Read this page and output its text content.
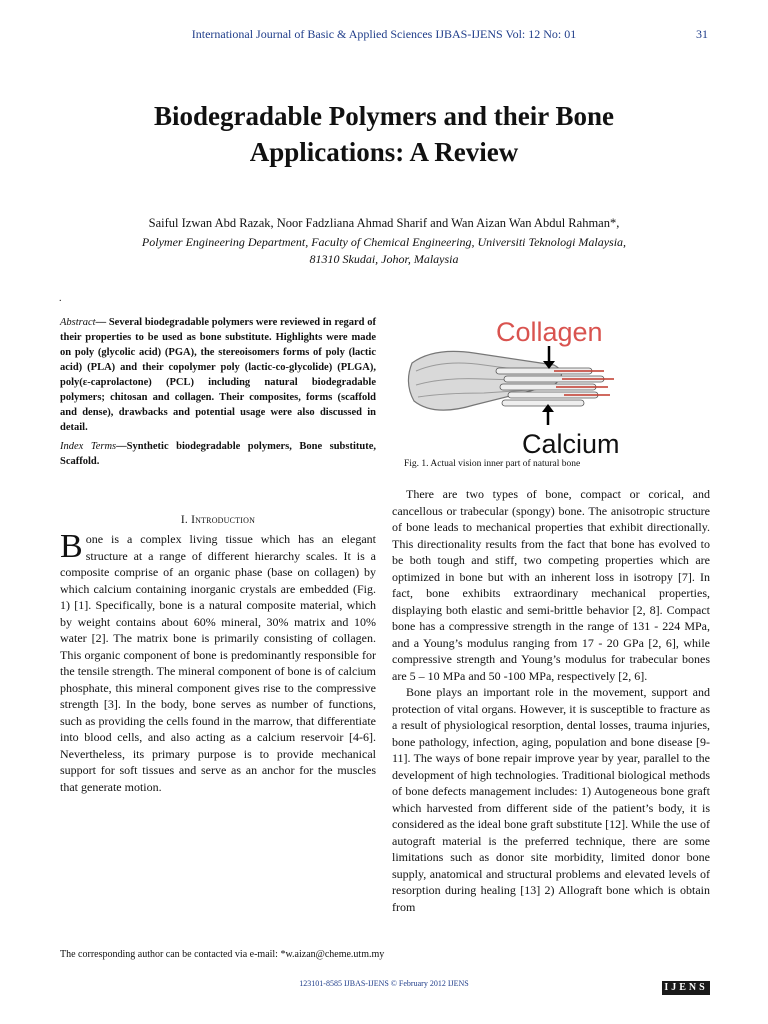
International Journal of Basic & Applied Sciences IJBAS-IJENS Vol: 12 No: 01	31
Biodegradable Polymers and their Bone
Applications: A Review
Saiful Izwan Abd Razak, Noor Fadzliana Ahmad Sharif and Wan Aizan Wan Abdul Rahman*,
Polymer Engineering Department, Faculty of Chemical Engineering, Universiti Teknologi Malaysia,
81310 Skudai, Johor, Malaysia
.
Abstract— Several biodegradable polymers were reviewed in regard of their properties to be used as bone substitute. Highlights were made on poly (glycolic acid) (PGA), the stereoisomers forms of poly (lactic acid) (PLA) and their copolymer poly (lactic-co-glycolide) (PLGA), poly(ε-caprolactone) (PCL) including natural biodegradable polymers; chitosan and collagen. Their composites, forms (scaffold and dense), drawbacks and potential usage were also discussed in detail.
Index Terms—Synthetic biodegradable polymers, Bone substitute, Scaffold.
I. Introduction
Bone is a complex living tissue which has an elegant structure at a range of different hierarchy scales. It is a composite comprise of an organic phase (base on collagen) by which calcium containing inorganic crystals are embedded (Fig. 1) [1]. Specifically, bone is a natural composite material, which by weight contains about 60% mineral, 30% matrix and 10% water [2]. The matrix bone is primarily consisting of collagen. This organic component of bone is predominantly responsible for the tensile strength. The mineral component of bone is of calcium phosphate, this mineral component gives rise to the compressive strength [3]. In the body, bone serves as number of functions, such as providing the cells found in the marrow, that differentiate into blood cells, and also acting as a calcium reservoir [4-6]. Nevertheless, its primary purpose is to provide mechanical support for soft tissues and serve as an anchor for the muscles that generate motion.
Collagen
Calcium
Fig. 1. Actual vision inner part of natural bone

There are two types of bone, compact or corical, and cancellous or trabecular (spongy) bone. The anisotropic structure of bone leads to mechanical properties that exhibit directionally. This directionality results from the fact that bone has evolved to be both tough and stiff, two competing properties which are optimized in bone but with an inherent loss in isotropy [7]. In fact, bone exhibits extraordinary mechanical properties, displaying both elastic and semi-brittle behavior [2, 8]. Compact bone has a compressive strength in the range of 131 - 224 MPa, and a Young’s modulus ranging from 17 - 20 GPa [2, 6], while compressive strength and Young’s modulus for trabecular bones are 5 – 10 MPa and 50 -100 MPa, respectively [2, 6].

Bone plays an important role in the movement, support and protection of vital organs. However, it is susceptible to fracture as a result of physiological resorption, dental losses, trauma injuries, bone pathology, infection, aging, population and bone disease [9-11]. The ways of bone repair improve year by year, parallel to the development of high technologies. Traditional biological methods of bone defects management includes: 1) Autogeneous bone graft which harvested from different side of the patient’s body, it is considered as the ideal bone graft substitute [12]. While the use of autograft material is the preferred technique, there are some limitations such as donor site morbidity, limited donor bone supply, anatomical and structural problems and elevated levels of resorption during healing [13] 2) Allograft bone which is obtain from

The corresponding author can be contacted via e-mail: *w.aizan@cheme.utm.my
123101-8585 IJBAS-IJENS © February 2012 IJENS	IJENS
